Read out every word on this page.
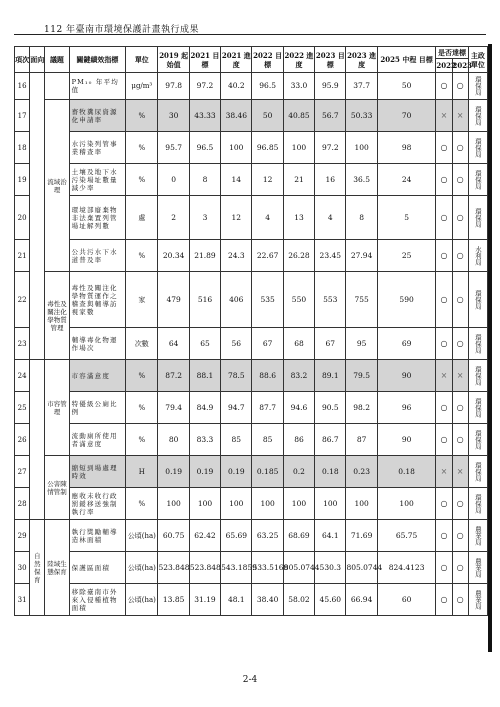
112 年臺南市環境保護計畫執行成果
項次	面向	議題	關鍵績效指標	單位	2019 起始值	2021 目標	2021 進度	2022 目標	2022 進度	2023 目標	2023 進度	2025 中程 目標	是否達標		主政單位
													2022	2023	
16			PM₁₀ 年平均值	μg/m³	97.8	97.2	40.2	96.5	33.0	95.9	37.7	50	○	○	環保局
17		流域治理	畜牧糞尿資源化申請率	%	30	43.33	38.46	50	40.85	56.7	50.33	70	×	×	環保局
18			水污染列管事業稽查率	%	95.7	96.5	100	96.85	100	97.2	100	98	○	○	環保局
19			土壤及地下水污染場址數量減少率	%	0	8	14	12	21	16	36.5	24	○	○	環保局
20			環境部廢棄物非法棄置列管場址解列數	處	2	3	12	4	13	4	8	5	○	○	環保局
21			公共污水下水道普及率	%	20.34	21.89	24.3	22.67	26.28	23.45	27.94	25	○	○	水利局
22		毒性及關注化學物質管理	毒性及關注化學物質運作之稽查與輔導訪視家數	家	479	516	406	535	550	553	755	590	○	○	環保局
23			輔導毒化物運作場次	次數	64	65	56	67	68	67	95	69	○	○	環保局
24		市容管理	市容滿意度	%	87.2	88.1	78.5	88.6	83.2	89.1	79.5	90	×	×	環保局
25			特優級公廁比例	%	79.4	84.9	94.7	87.7	94.6	90.5	98.2	96	○	○	環保局
26			流動廁所使用者滿意度	%	80	83.3	85	85	86	86.7	87	90	○	○	環保局
27		公害陳情管制	縮短到場處理時效	H	0.19	0.19	0.19	0.185	0.2	0.18	0.23	0.18	×	×	環保局
28			應收未收行政罰鍰移送強制執行率	%	100	100	100	100	100	100	100	100	○	○	環保局
29	自然保育	陸域生態保育	執行獎勵輔導造林面積	公頃(ha)	60.75	62.42	65.69	63.25	68.69	64.1	71.69	65.75	○	○	農業局
30			保護區面積	公頃(ha)	523.848	523.848	543.1859	533.5169	805.0744	530.3	805.0744	824.4123	○	○	農業局
31			移除臺南市外來入侵種植物面積	公頃(ha)	13.85	31.19	48.1	38.40	58.02	45.60	66.94	60	○	○	農業局
2-4
